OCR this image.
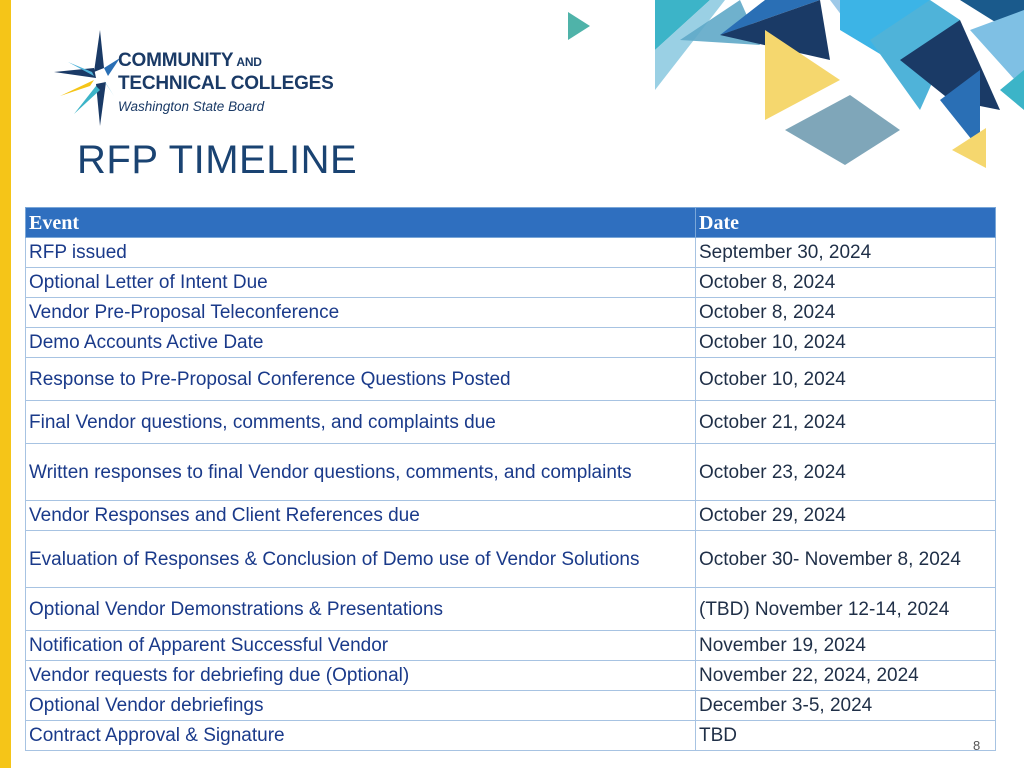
COMMUNITY AND
TECHNICAL COLLEGES
Washington State Board
RFP TIMELINE
Event	Date
RFP issued	September 30, 2024
Optional Letter of Intent Due	October 8, 2024
Vendor Pre-Proposal Teleconference	October 8, 2024
Demo Accounts Active Date	October 10, 2024
Response to Pre-Proposal Conference Questions Posted	October 10, 2024
Final Vendor questions, comments, and complaints due	October 21, 2024
Written responses to final Vendor questions, comments, and complaints	October 23, 2024
Vendor Responses and Client References due	October 29, 2024
Evaluation of Responses & Conclusion of Demo use of Vendor Solutions	October 30- November 8, 2024
Optional Vendor Demonstrations & Presentations	(TBD) November 12-14, 2024
Notification of Apparent Successful Vendor	November 19, 2024
Vendor requests for debriefing due (Optional)	November 22, 2024, 2024
Optional Vendor debriefings	December 3-5, 2024
Contract Approval & Signature	TBD	8
